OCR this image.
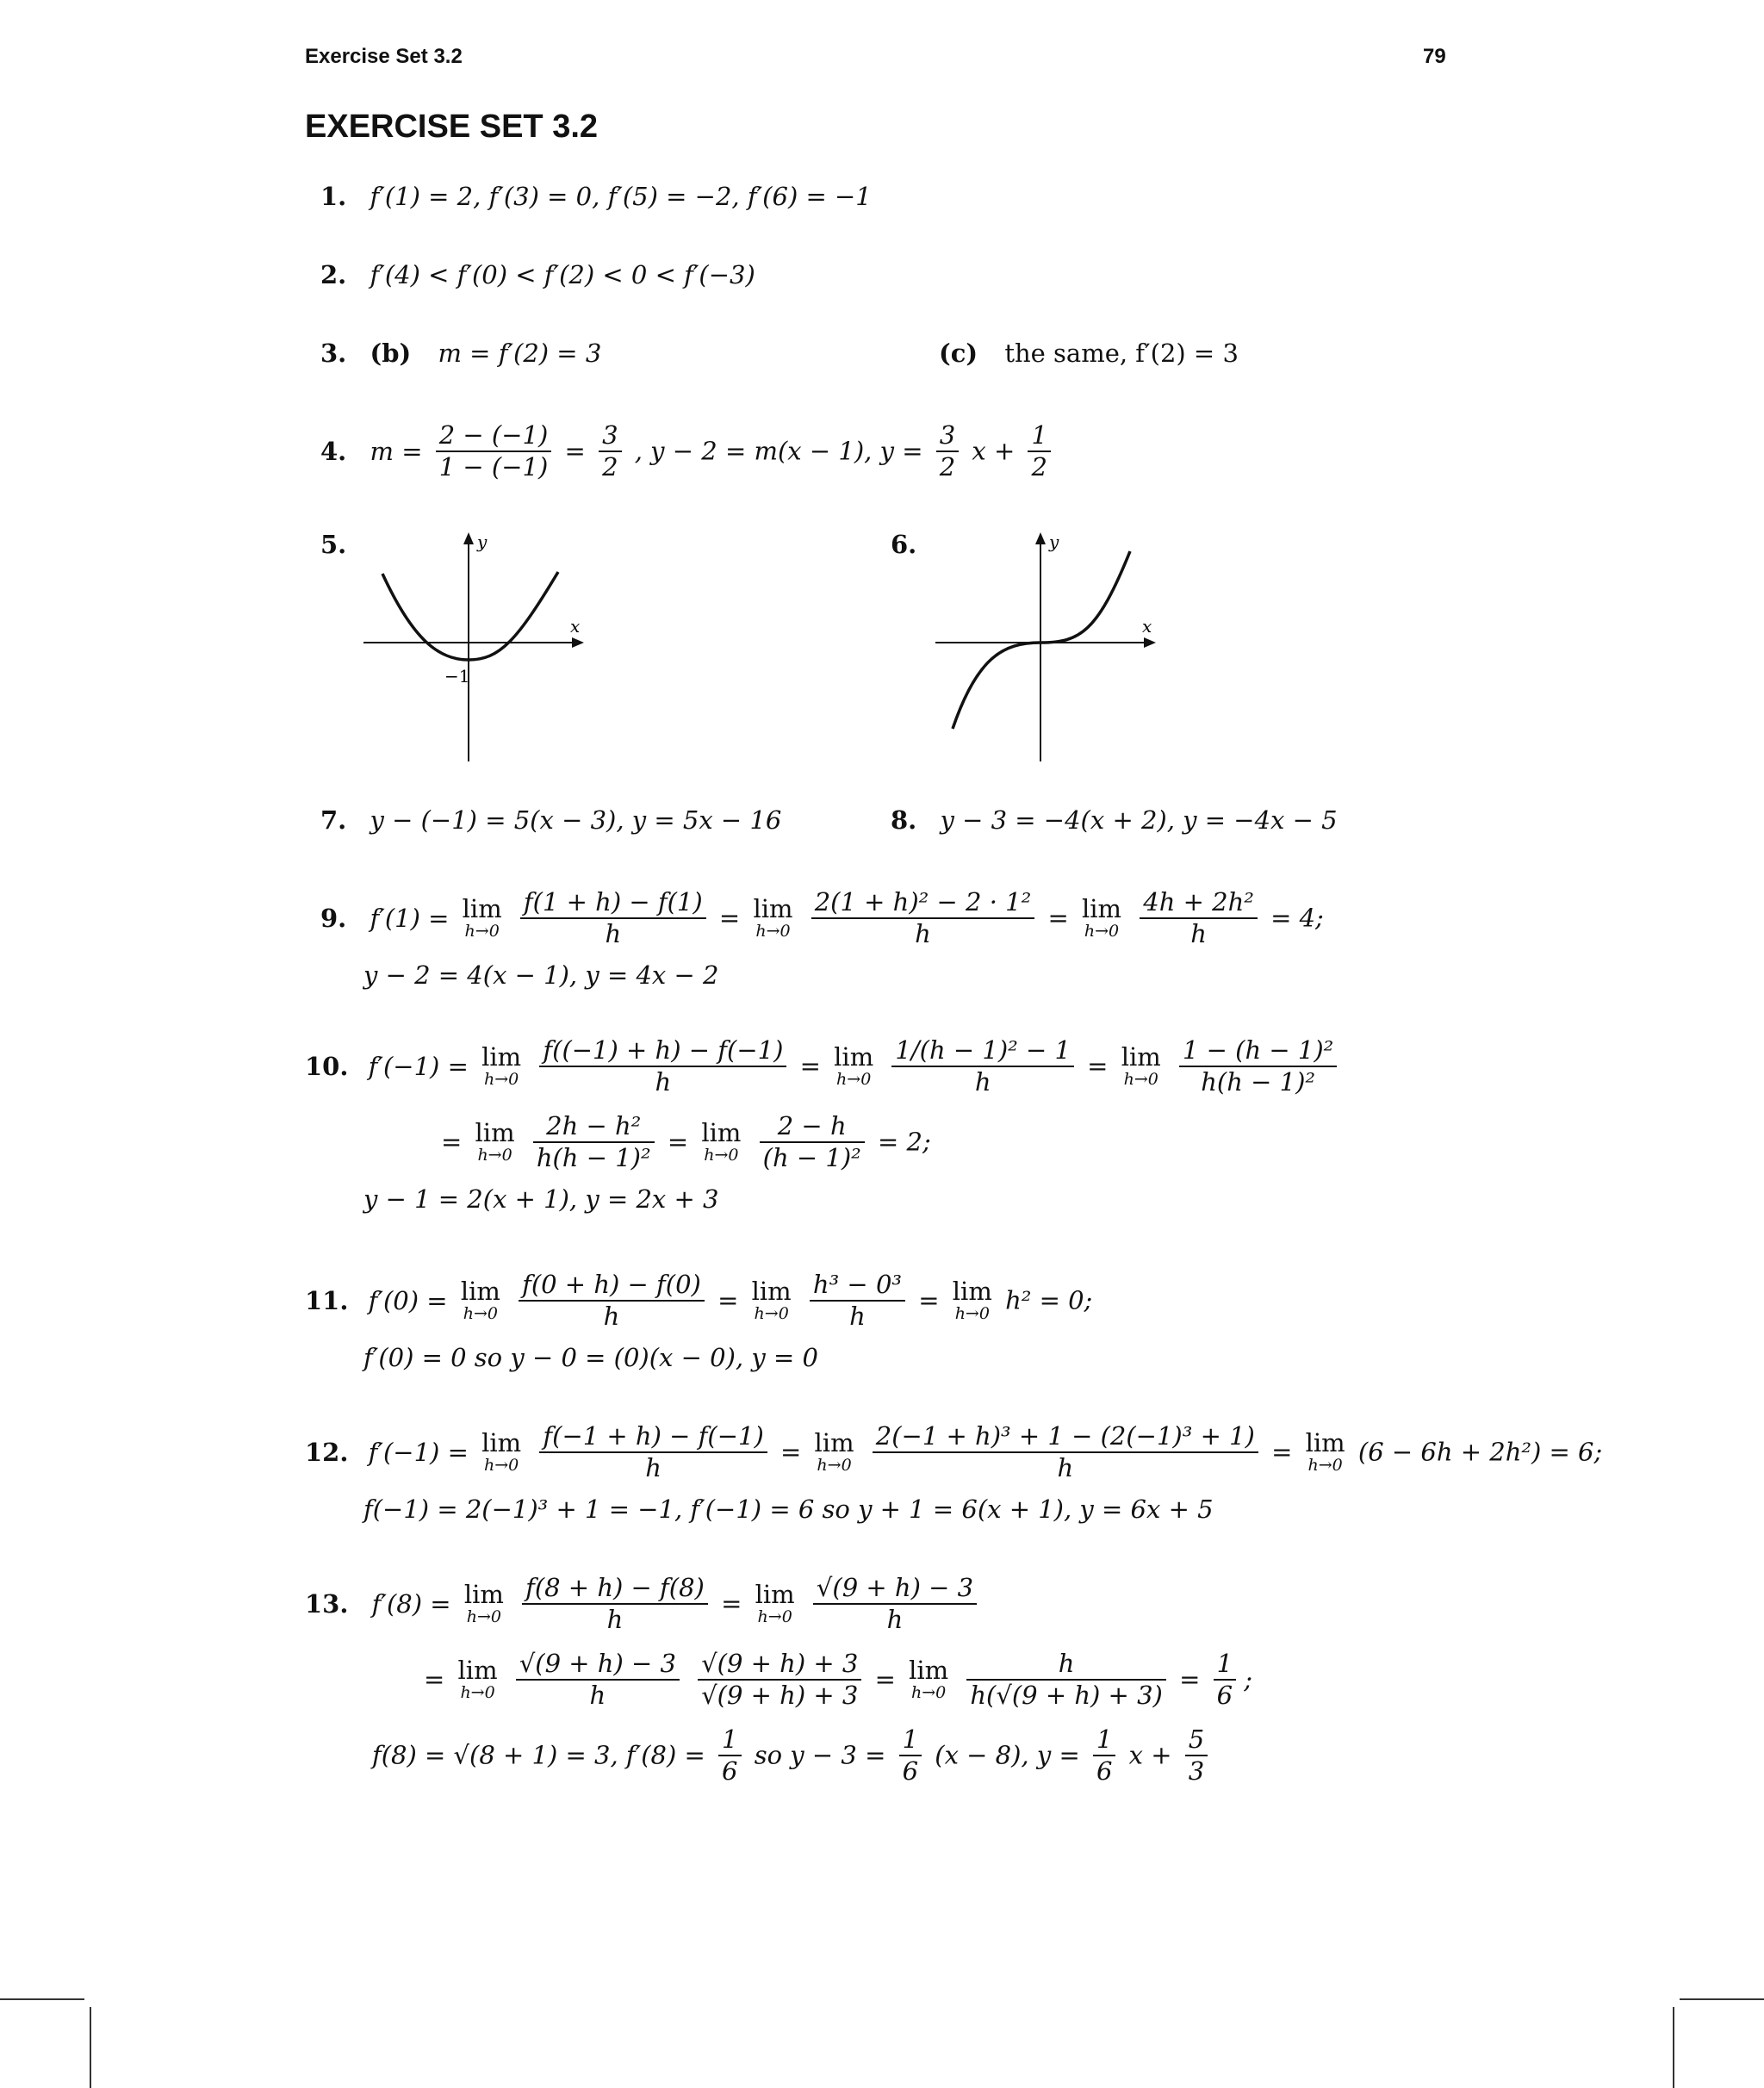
Exercise Set 3.2	79
EXERCISE SET 3.2
1. f′(1) = 2, f′(3) = 0, f′(5) = −2, f′(6) = −1
2. f′(4) < f′(0) < f′(2) < 0 < f′(−3)
3. (b) m = f′(2) = 3	(c) the same, f′(2) = 3
4. $m = \frac{2 - (-1)}{1 - (-1)} = \frac{3}{2}$ , y − 2 = m(x − 1), $y = \frac{3}{2}$ $x + \frac{1}{2}$
5.	y
x
−1
6.	y
x
7. y − (−1) = 5(x − 3), y = 5x − 16	8. y − 3 = −4(x + 2), y = −4x − 5
9. f′(1) = lim
h→0
$\frac{f(1 + h) - f(1)}{h} = \lim$
h→0
$\frac{\text{2(1 + h)² − 2 · 1²}}{h} = \lim$
h→0
$\frac{\text{4h + 2h²}}{h} = 4$;
y − 2 = 4(x − 1), y = 4x − 2
10. f′(−1) = lim
h→0
$\frac{f((-1) + h) - f(-1)}{h} = \lim$
h→0
$\frac{\text{1/(h − 1)² − 1}}{h} = \lim$
h→0
$\frac{\text{1 − (h − 1)²}}{\text{h(h − 1)²}}$
= lim
h→0
$\frac{\text{2h − h²}}{\text{h(h − 1)²}} = \lim$
h→0
$\frac{2 - h}{\text{(h − 1)²}} = 2$;
y − 1 = 2(x + 1), y = 2x + 3
11. f′(0) = lim
h→0
$\frac{f(0 + h) - f(0)}{h} = \lim$
h→0
$\frac{\text{h³ − 0³}}{h} = \lim$
h→0 h² = 0;
f′(0) = 0 so y − 0 = (0)(x − 0), y = 0
12. f′(−1) = lim
h→0
$\frac{f(-1 + h) - f(-1)}{h} = \lim$
h→0
$\frac{\text{2(−1 + h)³ + 1 − (2(−1)³ + 1)}}{h} = \lim$
h→0 (6 − 6h + 2h²) = 6;
f(−1) = 2(−1)³ + 1 = −1, f′(−1) = 6 so y + 1 = 6(x + 1), y = 6x + 5
13. f′(8) = lim
h→0
$\frac{f(8 + h) - f(8)}{h} = \lim$
h→0
$\frac{√(9 + h) - 3}{h}$
= lim
h→0
$\frac{√(9 + h) - 3}{h}$
$\frac{√(9 + h) + 3}{√(9 + h) + 3} = \lim$
h→0
$\frac{h}{h(√(9 + h) + 3)} = \frac{1}{6}$ ;
f(8) = √(8 + 1) = 3, $f'(8) = \frac{1}{6}$ so $y - 3 = \frac{1}{6} (x - 8)$, $y = \frac{1}{6}$ $x + \frac{5}{3}$
